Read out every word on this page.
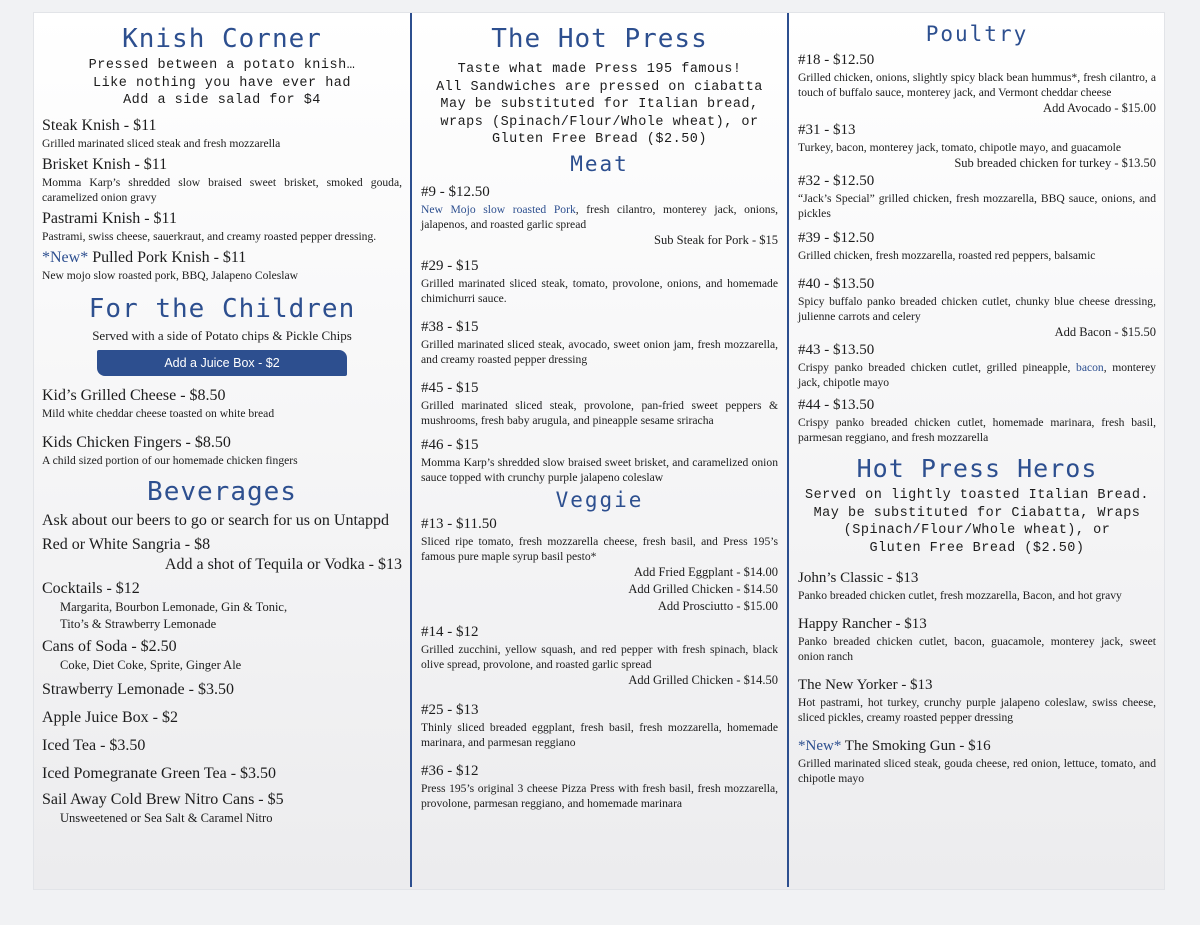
Knish Corner

Pressed between a potato knish…

Like nothing you have ever had

Add a side salad for $4

Steak Knish - $11
Grilled marinated sliced steak and fresh mozzarella
Brisket Knish - $11
Momma Karp’s shredded slow braised sweet brisket, smoked gouda, caramelized onion gravy
Pastrami Knish - $11
Pastrami, swiss cheese, sauerkraut, and creamy roasted pepper dressing.
*New* Pulled Pork Knish - $11
New mojo slow roasted pork, BBQ, Jalapeno Coleslaw
For the Children
Served with a side of Potato chips & Pickle Chips
Add a Juice Box - $2
Kid’s Grilled Cheese - $8.50
Mild white cheddar cheese toasted on white bread
Kids Chicken Fingers - $8.50
A child sized portion of our homemade chicken fingers
Beverages
Ask about our beers to go or search for us on Untappd
Red or White Sangria - $8
Add a shot of Tequila or Vodka - $13
Cocktails - $12
Margarita, Bourbon Lemonade, Gin & Tonic,
Tito’s & Strawberry Lemonade
Cans of Soda - $2.50
Coke, Diet Coke, Sprite, Ginger Ale
Strawberry Lemonade - $3.50
Apple Juice Box - $2
Iced Tea - $3.50
Iced Pomegranate Green Tea - $3.50
Sail Away Cold Brew Nitro Cans - $5
Unsweetened or Sea Salt & Caramel Nitro
The Hot Press

Taste what made Press 195 famous!

All Sandwiches are pressed on ciabatta

May be substituted for Italian bread,

wraps (Spinach/Flour/Whole wheat), or

Gluten Free Bread ($2.50)

Meat
#9 - $12.50
New Mojo slow roasted Pork, fresh cilantro, monterey jack, onions, jalapenos, and roasted garlic spread
Sub Steak for Pork - $15
#29 - $15
Grilled marinated sliced steak, tomato, provolone, onions, and homemade chimichurri sauce.
#38 - $15
Grilled marinated sliced steak, avocado, sweet onion jam, fresh mozzarella, and creamy roasted pepper dressing
#45 - $15
Grilled marinated sliced steak, provolone, pan-fried sweet peppers & mushrooms, fresh baby arugula, and pineapple sesame sriracha
#46 - $15
Momma Karp’s shredded slow braised sweet brisket, and caramelized onion sauce topped with crunchy purple jalapeno coleslaw
Veggie
#13 - $11.50
Sliced ripe tomato, fresh mozzarella cheese, fresh basil, and Press 195’s famous pure maple syrup basil pesto*
Add Fried Eggplant - $14.00
Add Grilled Chicken - $14.50
Add Prosciutto - $15.00
#14 - $12
Grilled zucchini, yellow squash, and red pepper with fresh spinach, black olive spread, provolone, and roasted garlic spread
Add Grilled Chicken - $14.50
#25 - $13
Thinly sliced breaded eggplant, fresh basil, fresh mozzarella, homemade marinara, and parmesan reggiano
#36 - $12
Press 195’s original 3 cheese Pizza Press with fresh basil, fresh mozzarella, provolone, parmesan reggiano, and homemade marinara
Poultry
#18 - $12.50
Grilled chicken, onions, slightly spicy black bean hummus*, fresh cilantro, a touch of buffalo sauce, monterey jack, and Vermont cheddar cheese
Add Avocado - $15.00
#31 - $13
Turkey, bacon, monterey jack, tomato, chipotle mayo, and guacamole
Sub breaded chicken for turkey - $13.50
#32 - $12.50
“Jack’s Special” grilled chicken, fresh mozzarella, BBQ sauce, onions, and pickles
#39 - $12.50
Grilled chicken, fresh mozzarella, roasted red peppers, balsamic
#40 - $13.50
Spicy buffalo panko breaded chicken cutlet, chunky blue cheese dressing, julienne carrots and celery
Add Bacon - $15.50
#43 - $13.50
Crispy panko breaded chicken cutlet, grilled pineapple, bacon, monterey jack, chipotle mayo
#44 - $13.50
Crispy panko breaded chicken cutlet, homemade marinara, fresh basil, parmesan reggiano, and fresh mozzarella
Hot Press Heros

Served on lightly toasted Italian Bread.

May be substituted for Ciabatta, Wraps

(Spinach/Flour/Whole wheat), or

Gluten Free Bread ($2.50)

John’s Classic - $13
Panko breaded chicken cutlet, fresh mozzarella, Bacon, and hot gravy
Happy Rancher - $13
Panko breaded chicken cutlet, bacon, guacamole, monterey jack, sweet onion ranch
The New Yorker - $13
Hot pastrami, hot turkey, crunchy purple jalapeno coleslaw, swiss cheese, sliced pickles, creamy roasted pepper dressing
*New* The Smoking Gun - $16
Grilled marinated sliced steak, gouda cheese, red onion, lettuce, tomato, and chipotle mayo
